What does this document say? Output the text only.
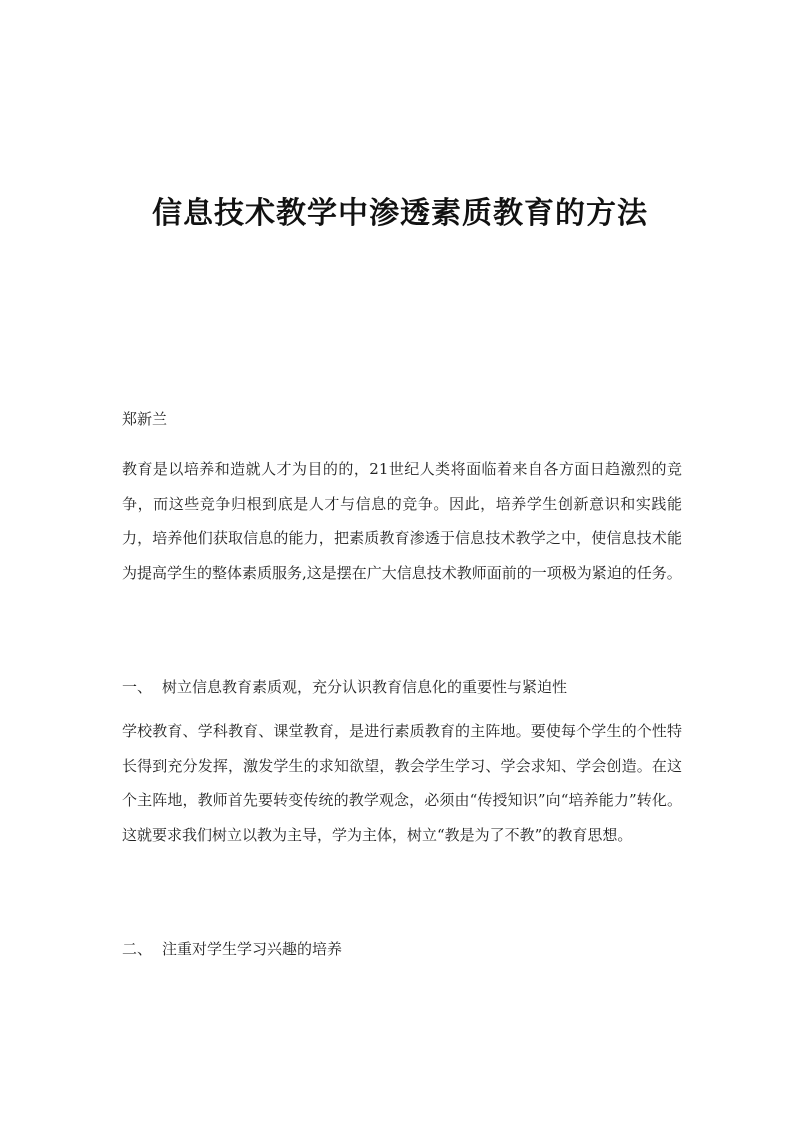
信息技术教学中渗透素质教育的方法

郑新兰

教育是以培养和造就人才为目的的，21世纪人类将面临着来自各方面日趋激烈的竞争，而这些竞争归根到底是人才与信息的竞争。因此，培养学生创新意识和实践能力，培养他们获取信息的能力，把素质教育渗透于信息技术教学之中，使信息技术能为提高学生的整体素质服务,这是摆在广大信息技术教师面前的一项极为紧迫的任务。

一、 树立信息教育素质观，充分认识教育信息化的重要性与紧迫性

学校教育、学科教育、课堂教育，是进行素质教育的主阵地。要使每个学生的个性特长得到充分发挥，激发学生的求知欲望，教会学生学习、学会求知、学会创造。在这个主阵地，教师首先要转变传统的教学观念，必须由“传授知识”向“培养能力”转化。这就要求我们树立以教为主导，学为主体，树立“教是为了不教”的教育思想。

二、 注重对学生学习兴趣的培养
